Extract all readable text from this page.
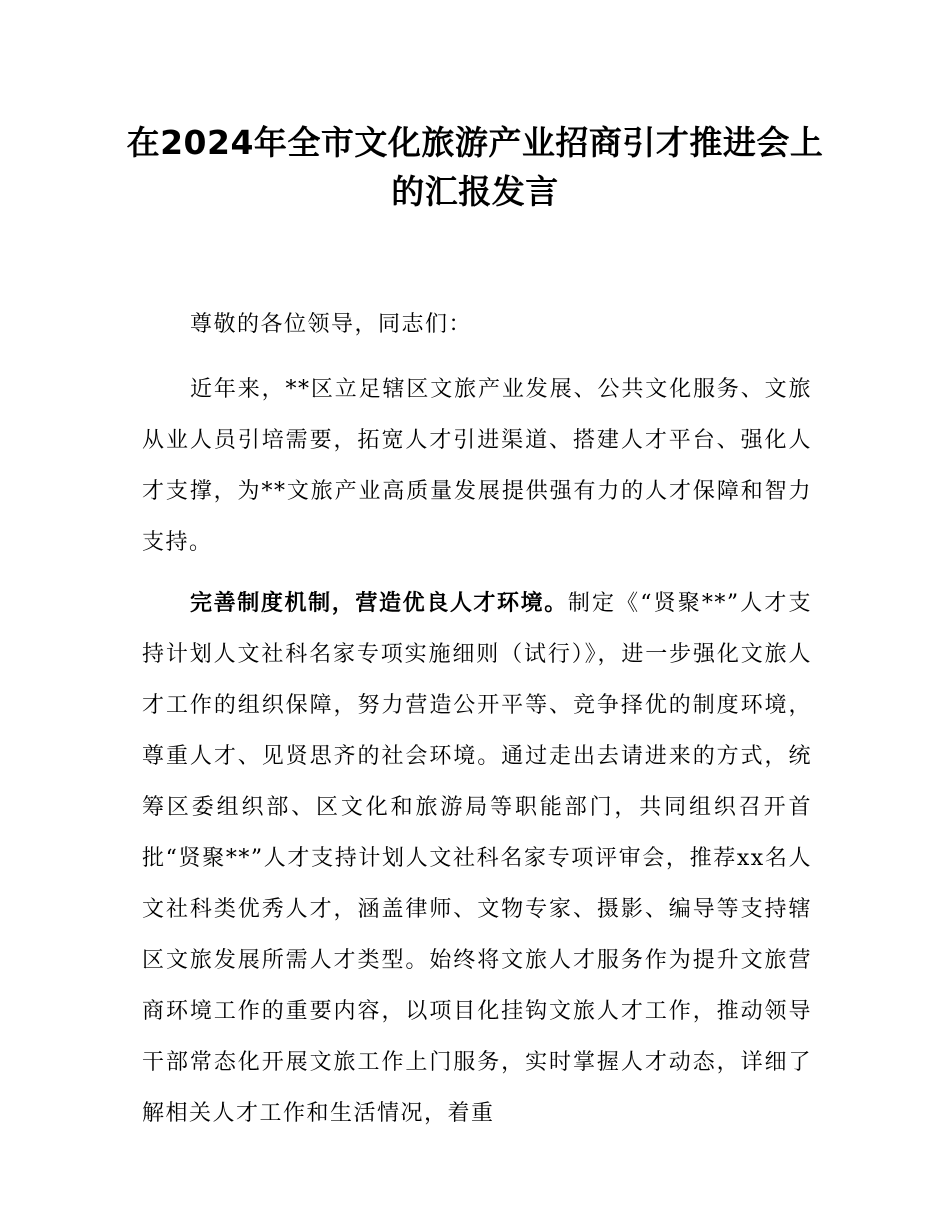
在2024年全市文化旅游产业招商引才推进会上的汇报发言

尊敬的各位领导，同志们：

近年来，**区立足辖区文旅产业发展、公共文化服务、文旅从业人员引培需要，拓宽人才引进渠道、搭建人才平台、强化人才支撑，为**文旅产业高质量发展提供强有力的人才保障和智力支持。

完善制度机制，营造优良人才环境。制定《“贤聚**”人才支持计划人文社科名家专项实施细则（试行）》，进一步强化文旅人才工作的组织保障，努力营造公开平等、竞争择优的制度环境，尊重人才、见贤思齐的社会环境。通过走出去请进来的方式，统筹区委组织部、区文化和旅游局等职能部门，共同组织召开首批“贤聚**”人才支持计划人文社科名家专项评审会，推荐xx名人文社科类优秀人才，涵盖律师、文物专家、摄影、编导等支持辖区文旅发展所需人才类型。始终将文旅人才服务作为提升文旅营商环境工作的重要内容，以项目化挂钩文旅人才工作，推动领导干部常态化开展文旅工作上门服务，实时掌握人才动态，详细了解相关人才工作和生活情况，着重
